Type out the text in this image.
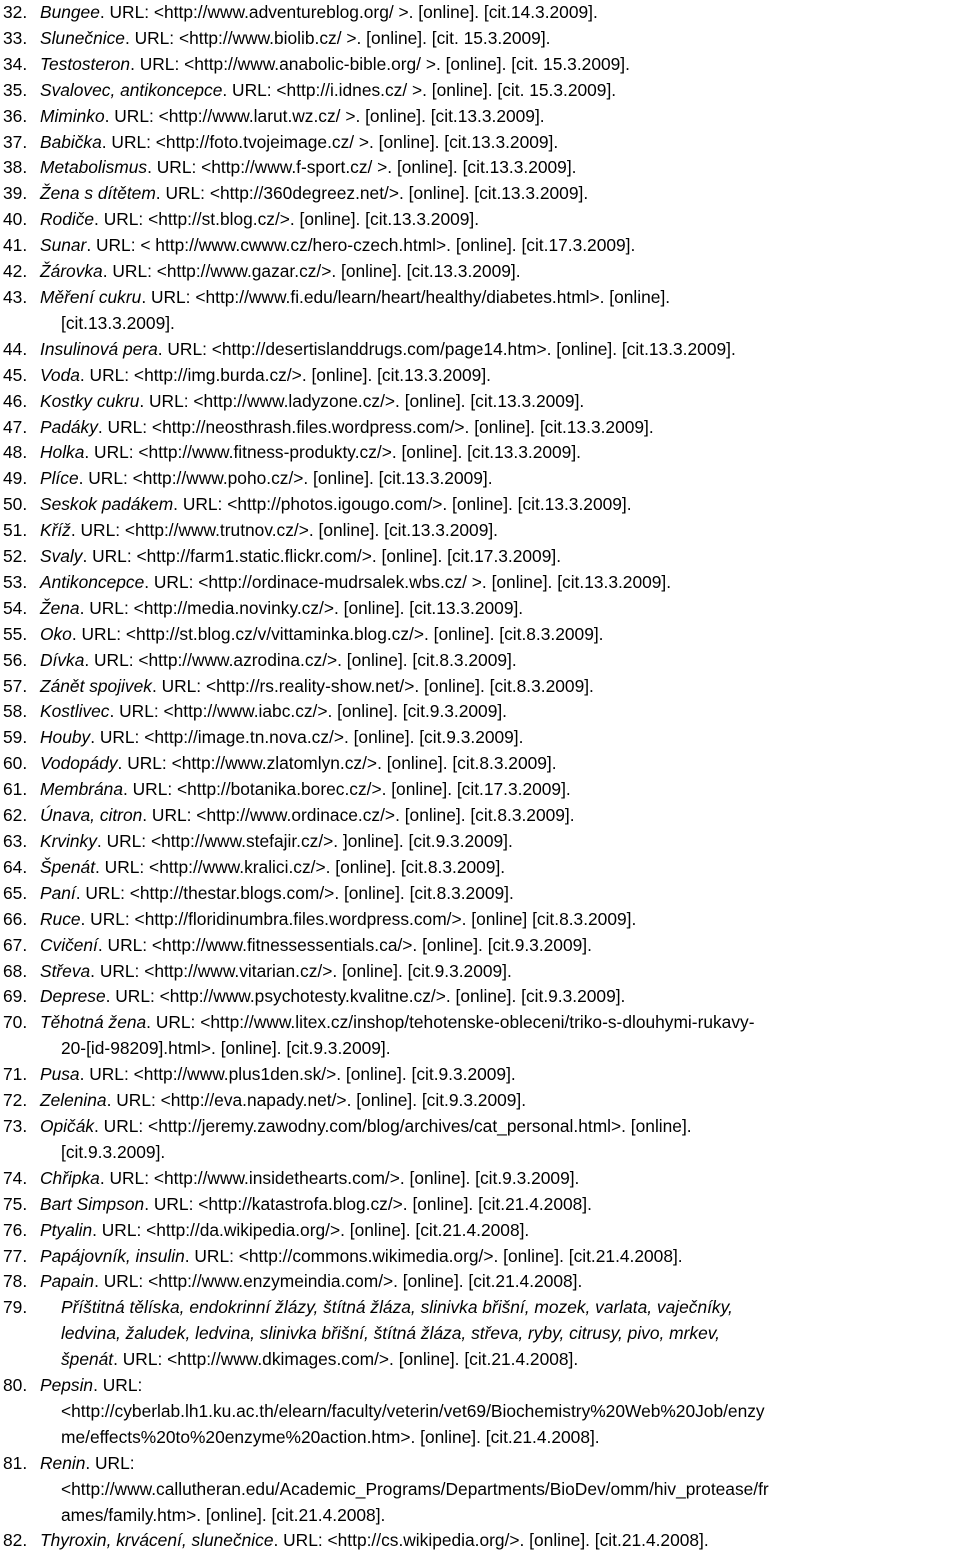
32. Bungee. URL: <http://www.adventureblog.org/ >. [online]. [cit.14.3.2009].
33. Slunečnice. URL: <http://www.biolib.cz/ >. [online]. [cit. 15.3.2009].
34. Testosteron. URL: <http://www.anabolic-bible.org/ >. [online]. [cit. 15.3.2009].
35. Svalovec, antikoncepce. URL: <http://i.idnes.cz/ >. [online]. [cit. 15.3.2009].
36. Miminko. URL: <http://www.larut.wz.cz/ >. [online]. [cit.13.3.2009].
37. Babička. URL: <http://foto.tvojeimage.cz/ >. [online]. [cit.13.3.2009].
38. Metabolismus. URL: <http://www.f-sport.cz/ >. [online]. [cit.13.3.2009].
39. Žena s dítětem. URL: <http://360degreez.net/>. [online]. [cit.13.3.2009].
40. Rodiče. URL: <http://st.blog.cz/>. [online]. [cit.13.3.2009].
41. Sunar. URL: < http://www.cwww.cz/hero-czech.html>. [online]. [cit.17.3.2009].
42. Žárovka. URL: <http://www.gazar.cz/>. [online]. [cit.13.3.2009].
43. Měření cukru. URL: <http://www.fi.edu/learn/heart/healthy/diabetes.html>. [online].
[cit.13.3.2009].
44. Insulinová pera. URL: <http://desertislanddrugs.com/page14.htm>. [online]. [cit.13.3.2009].
45. Voda. URL: <http://img.burda.cz/>. [online]. [cit.13.3.2009].
46. Kostky cukru. URL: <http://www.ladyzone.cz/>. [online]. [cit.13.3.2009].
47. Padáky. URL: <http://neosthrash.files.wordpress.com/>. [online]. [cit.13.3.2009].
48. Holka. URL: <http://www.fitness-produkty.cz/>. [online]. [cit.13.3.2009].
49. Plíce. URL: <http://www.poho.cz/>. [online]. [cit.13.3.2009].
50. Seskok padákem. URL: <http://photos.igougo.com/>. [online]. [cit.13.3.2009].
51. Kříž. URL: <http://www.trutnov.cz/>. [online]. [cit.13.3.2009].
52. Svaly. URL: <http://farm1.static.flickr.com/>. [online]. [cit.17.3.2009].
53. Antikoncepce. URL: <http://ordinace-mudrsalek.wbs.cz/ >. [online]. [cit.13.3.2009].
54. Žena. URL: <http://media.novinky.cz/>. [online]. [cit.13.3.2009].
55. Oko. URL: <http://st.blog.cz/v/vittaminka.blog.cz/>. [online]. [cit.8.3.2009].
56. Dívka. URL: <http://www.azrodina.cz/>. [online]. [cit.8.3.2009].
57. Zánět spojivek. URL: <http://rs.reality-show.net/>. [online]. [cit.8.3.2009].
58. Kostlivec. URL: <http://www.iabc.cz/>. [online]. [cit.9.3.2009].
59. Houby. URL: <http://image.tn.nova.cz/>. [online]. [cit.9.3.2009].
60. Vodopády. URL: <http://www.zlatomlyn.cz/>. [online]. [cit.8.3.2009].
61. Membrána. URL: <http://botanika.borec.cz/>. [online]. [cit.17.3.2009].
62. Únava, citron. URL: <http://www.ordinace.cz/>. [online]. [cit.8.3.2009].
63. Krvinky. URL: <http://www.stefajir.cz/>. ]online]. [cit.9.3.2009].
64. Špenát. URL: <http://www.kralici.cz/>. [online]. [cit.8.3.2009].
65. Paní. URL: <http://thestar.blogs.com/>. [online]. [cit.8.3.2009].
66. Ruce. URL: <http://floridinumbra.files.wordpress.com/>. [online] [cit.8.3.2009].
67. Cvičení. URL: <http://www.fitnessessentials.ca/>. [online]. [cit.9.3.2009].
68. Střeva. URL: <http://www.vitarian.cz/>. [online]. [cit.9.3.2009].
69. Deprese. URL: <http://www.psychotesty.kvalitne.cz/>. [online]. [cit.9.3.2009].
70. Těhotná žena. URL: <http://www.litex.cz/inshop/tehotenske-obleceni/triko-s-dlouhymi-rukavy-
20-[id-98209].html>. [online]. [cit.9.3.2009].
71. Pusa. URL: <http://www.plus1den.sk/>. [online]. [cit.9.3.2009].
72. Zelenina. URL: <http://eva.napady.net/>. [online]. [cit.9.3.2009].
73. Opičák. URL: <http://jeremy.zawodny.com/blog/archives/cat_personal.html>. [online].
[cit.9.3.2009].
74. Chřipka. URL: <http://www.insidethearts.com/>. [online]. [cit.9.3.2009].
75. Bart Simpson. URL: <http://katastrofa.blog.cz/>. [online]. [cit.21.4.2008].
76. Ptyalin. URL: <http://da.wikipedia.org/>. [online]. [cit.21.4.2008].
77. Papájovník, insulin. URL: <http://commons.wikimedia.org/>. [online]. [cit.21.4.2008].
78. Papain. URL: <http://www.enzymeindia.com/>. [online]. [cit.21.4.2008].
79.	Příštitná tělíska, endokrinní žlázy, štítná žláza, slinivka břišní, mozek, varlata, vaječníky,
ledvina, žaludek, ledvina, slinivka břišní, štítná žláza, střeva, ryby, citrusy, pivo, mrkev,
špenát. URL: <http://www.dkimages.com/>. [online]. [cit.21.4.2008].
80. Pepsin. URL:
<http://cyberlab.lh1.ku.ac.th/elearn/faculty/veterin/vet69/Biochemistry%20Web%20Job/enzy
me/effects%20to%20enzyme%20action.htm>. [online]. [cit.21.4.2008].
81. Renin. URL:
<http://www.callutheran.edu/Academic_Programs/Departments/BioDev/omm/hiv_protease/fr
ames/family.htm>. [online]. [cit.21.4.2008].
82. Thyroxin, krvácení, slunečnice. URL: <http://cs.wikipedia.org/>. [online]. [cit.21.4.2008].
